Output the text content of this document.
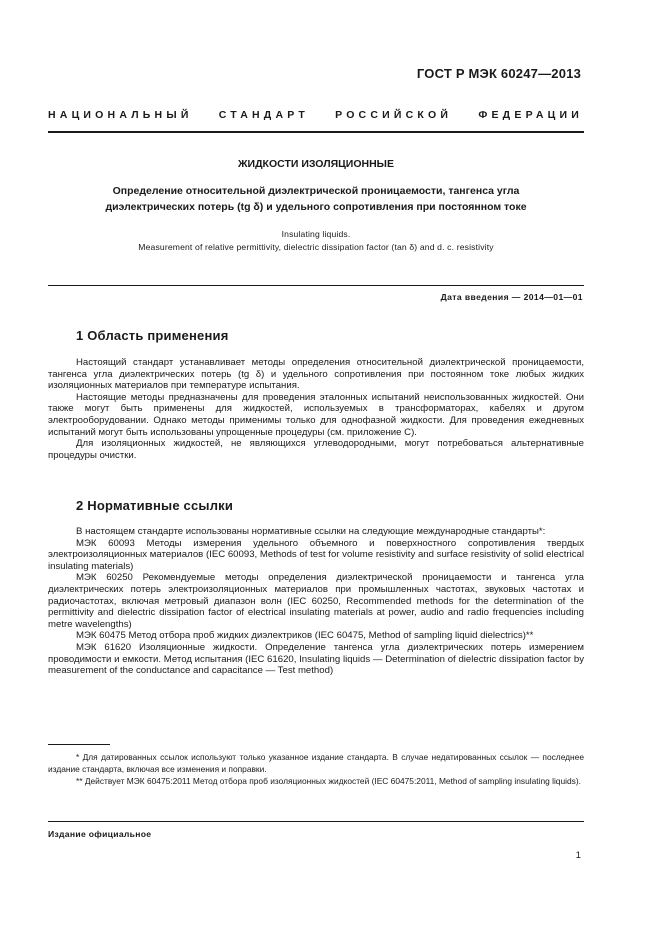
ГОСТ Р МЭК 60247—2013
НАЦИОНАЛЬНЫЙ СТАНДАРТ РОССИЙСКОЙ ФЕДЕРАЦИИ
ЖИДКОСТИ ИЗОЛЯЦИОННЫЕ
Определение относительной диэлектрической проницаемости, тангенса угла
диэлектрических потерь (tg δ) и удельного сопротивления при постоянном токе
Insulating liquids.
Measurement of relative permittivity, dielectric dissipation factor (tan δ) and d. c. resistivity
Дата введения — 2014—01—01
1 Область применения

Настоящий стандарт устанавливает методы определения относительной диэлектрической проницаемости, тангенса угла диэлектрических потерь (tg δ) и удельного сопротивления при постоянном токе любых жидких изоляционных материалов при температуре испытания.

Настоящие методы предназначены для проведения эталонных испытаний неиспользованных жидкостей. Они также могут быть применены для жидкостей, используемых в трансформаторах, кабелях и другом электрооборудовании. Однако методы применимы только для однофазной жидкости. Для проведения ежедневных испытаний могут быть использованы упрощенные процедуры (см. приложение С).

Для изоляционных жидкостей, не являющихся углеводородными, могут потребоваться альтернативные процедуры очистки.

2 Нормативные ссылки

В настоящем стандарте использованы нормативные ссылки на следующие международные стандарты*:

МЭК 60093 Методы измерения удельного объемного и поверхностного сопротивления твердых электроизоляционных материалов (IEC 60093, Methods of test for volume resistivity and surface resistivity of solid electrical insulating materials)

МЭК 60250 Рекомендуемые методы определения диэлектрической проницаемости и тангенса угла диэлектрических потерь электроизоляционных материалов при промышленных частотах, звуковых частотах и радиочастотах, включая метровый диапазон волн (IEC 60250, Recommended methods for the determination of the permittivity and dielectric dissipation factor of electrical insulating materials at power, audio and radio frequencies including metre wavelengths)

МЭК 60475 Метод отбора проб жидких диэлектриков (IEC 60475, Method of sampling liquid dielectrics)**

МЭК 61620 Изоляционные жидкости. Определение тангенса угла диэлектрических потерь измерением проводимости и емкости. Метод испытания (IEC 61620, Insulating liquids — Determination of dielectric dissipation factor by measurement of the conductance and capacitance — Test method)

* Для датированных ссылок используют только указанное издание стандарта. В случае недатированных ссылок — последнее издание стандарта, включая все изменения и поправки.

** Действует МЭК 60475:2011 Метод отбора проб изоляционных жидкостей (IEC 60475:2011, Method of sampling insulating liquids).

Издание официальное
1
